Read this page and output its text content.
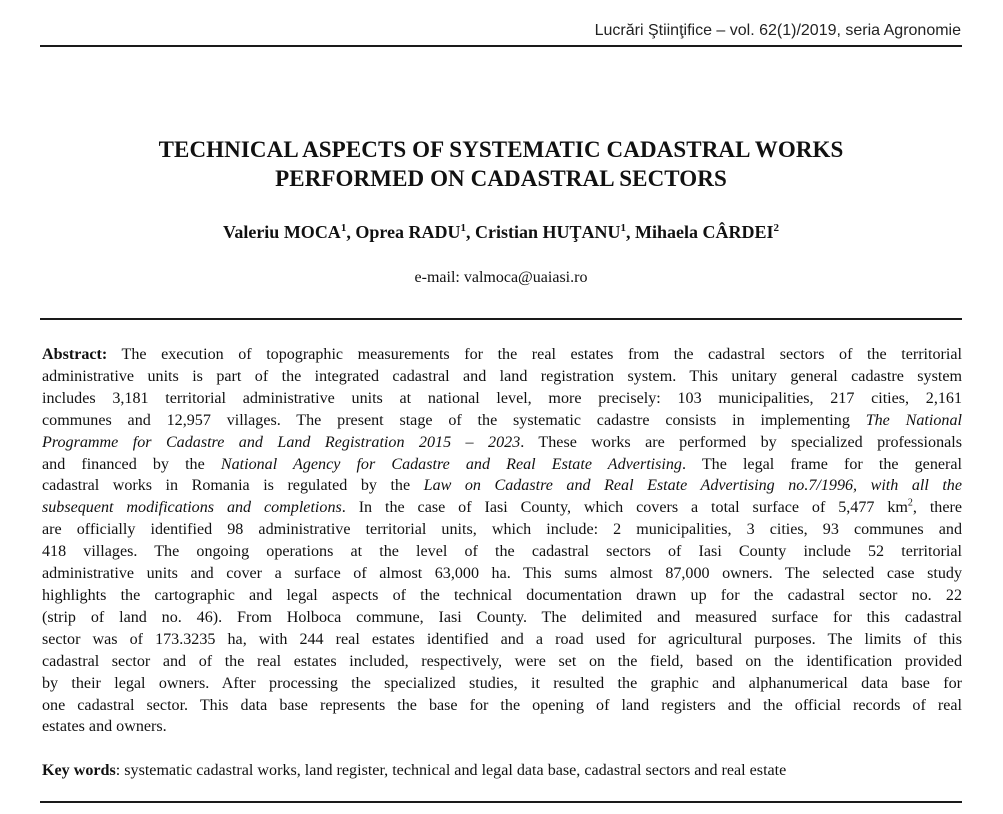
Lucrări Ştiinţifice – vol. 62(1)/2019, seria Agronomie
TECHNICAL ASPECTS OF SYSTEMATIC CADASTRAL WORKS
PERFORMED ON CADASTRAL SECTORS
Valeriu MOCA$^1$, Oprea RADU$^1$, Cristian HUŢANU$^1$, Mihaela CÂRDEI$^2$
e-mail: valmoca@uaiasi.ro
Abstract: The execution of topographic measurements for the real estates from the cadastral sectors of the territorial
administrative units is part of the integrated cadastral and land registration system. This unitary general cadastre system
includes 3,181 territorial administrative units at national level, more precisely: 103 municipalities, 217 cities, 2,161
communes and 12,957 villages. The present stage of the systematic cadastre consists in implementing The National
Programme for Cadastre and Land Registration 2015 – 2023. These works are performed by specialized professionals
and financed by the National Agency for Cadastre and Real Estate Advertising. The legal frame for the general
cadastral works in Romania is regulated by the Law on Cadastre and Real Estate Advertising no.7/1996, with all the
subsequent modifications and completions. In the case of Iasi County, which covers a total surface of 5,477 $km^2$, there
are officially identified 98 administrative territorial units, which include: 2 municipalities, 3 cities, 93 communes and
418 villages. The ongoing operations at the level of the cadastral sectors of Iasi County include 52 territorial
administrative units and cover a surface of almost 63,000 ha. This sums almost 87,000 owners. The selected case study
highlights the cartographic and legal aspects of the technical documentation drawn up for the cadastral sector no. 22
(strip of land no. 46). From Holboca commune, Iasi County. The delimited and measured surface for this cadastral
sector was of 173.3235 ha, with 244 real estates identified and a road used for agricultural purposes. The limits of this
cadastral sector and of the real estates included, respectively, were set on the field, based on the identification provided
by their legal owners. After processing the specialized studies, it resulted the graphic and alphanumerical data base for
one cadastral sector. This data base represents the base for the opening of land registers and the official records of real
estates and owners.
Key words: systematic cadastral works, land register, technical and legal data base, cadastral sectors and real estate
